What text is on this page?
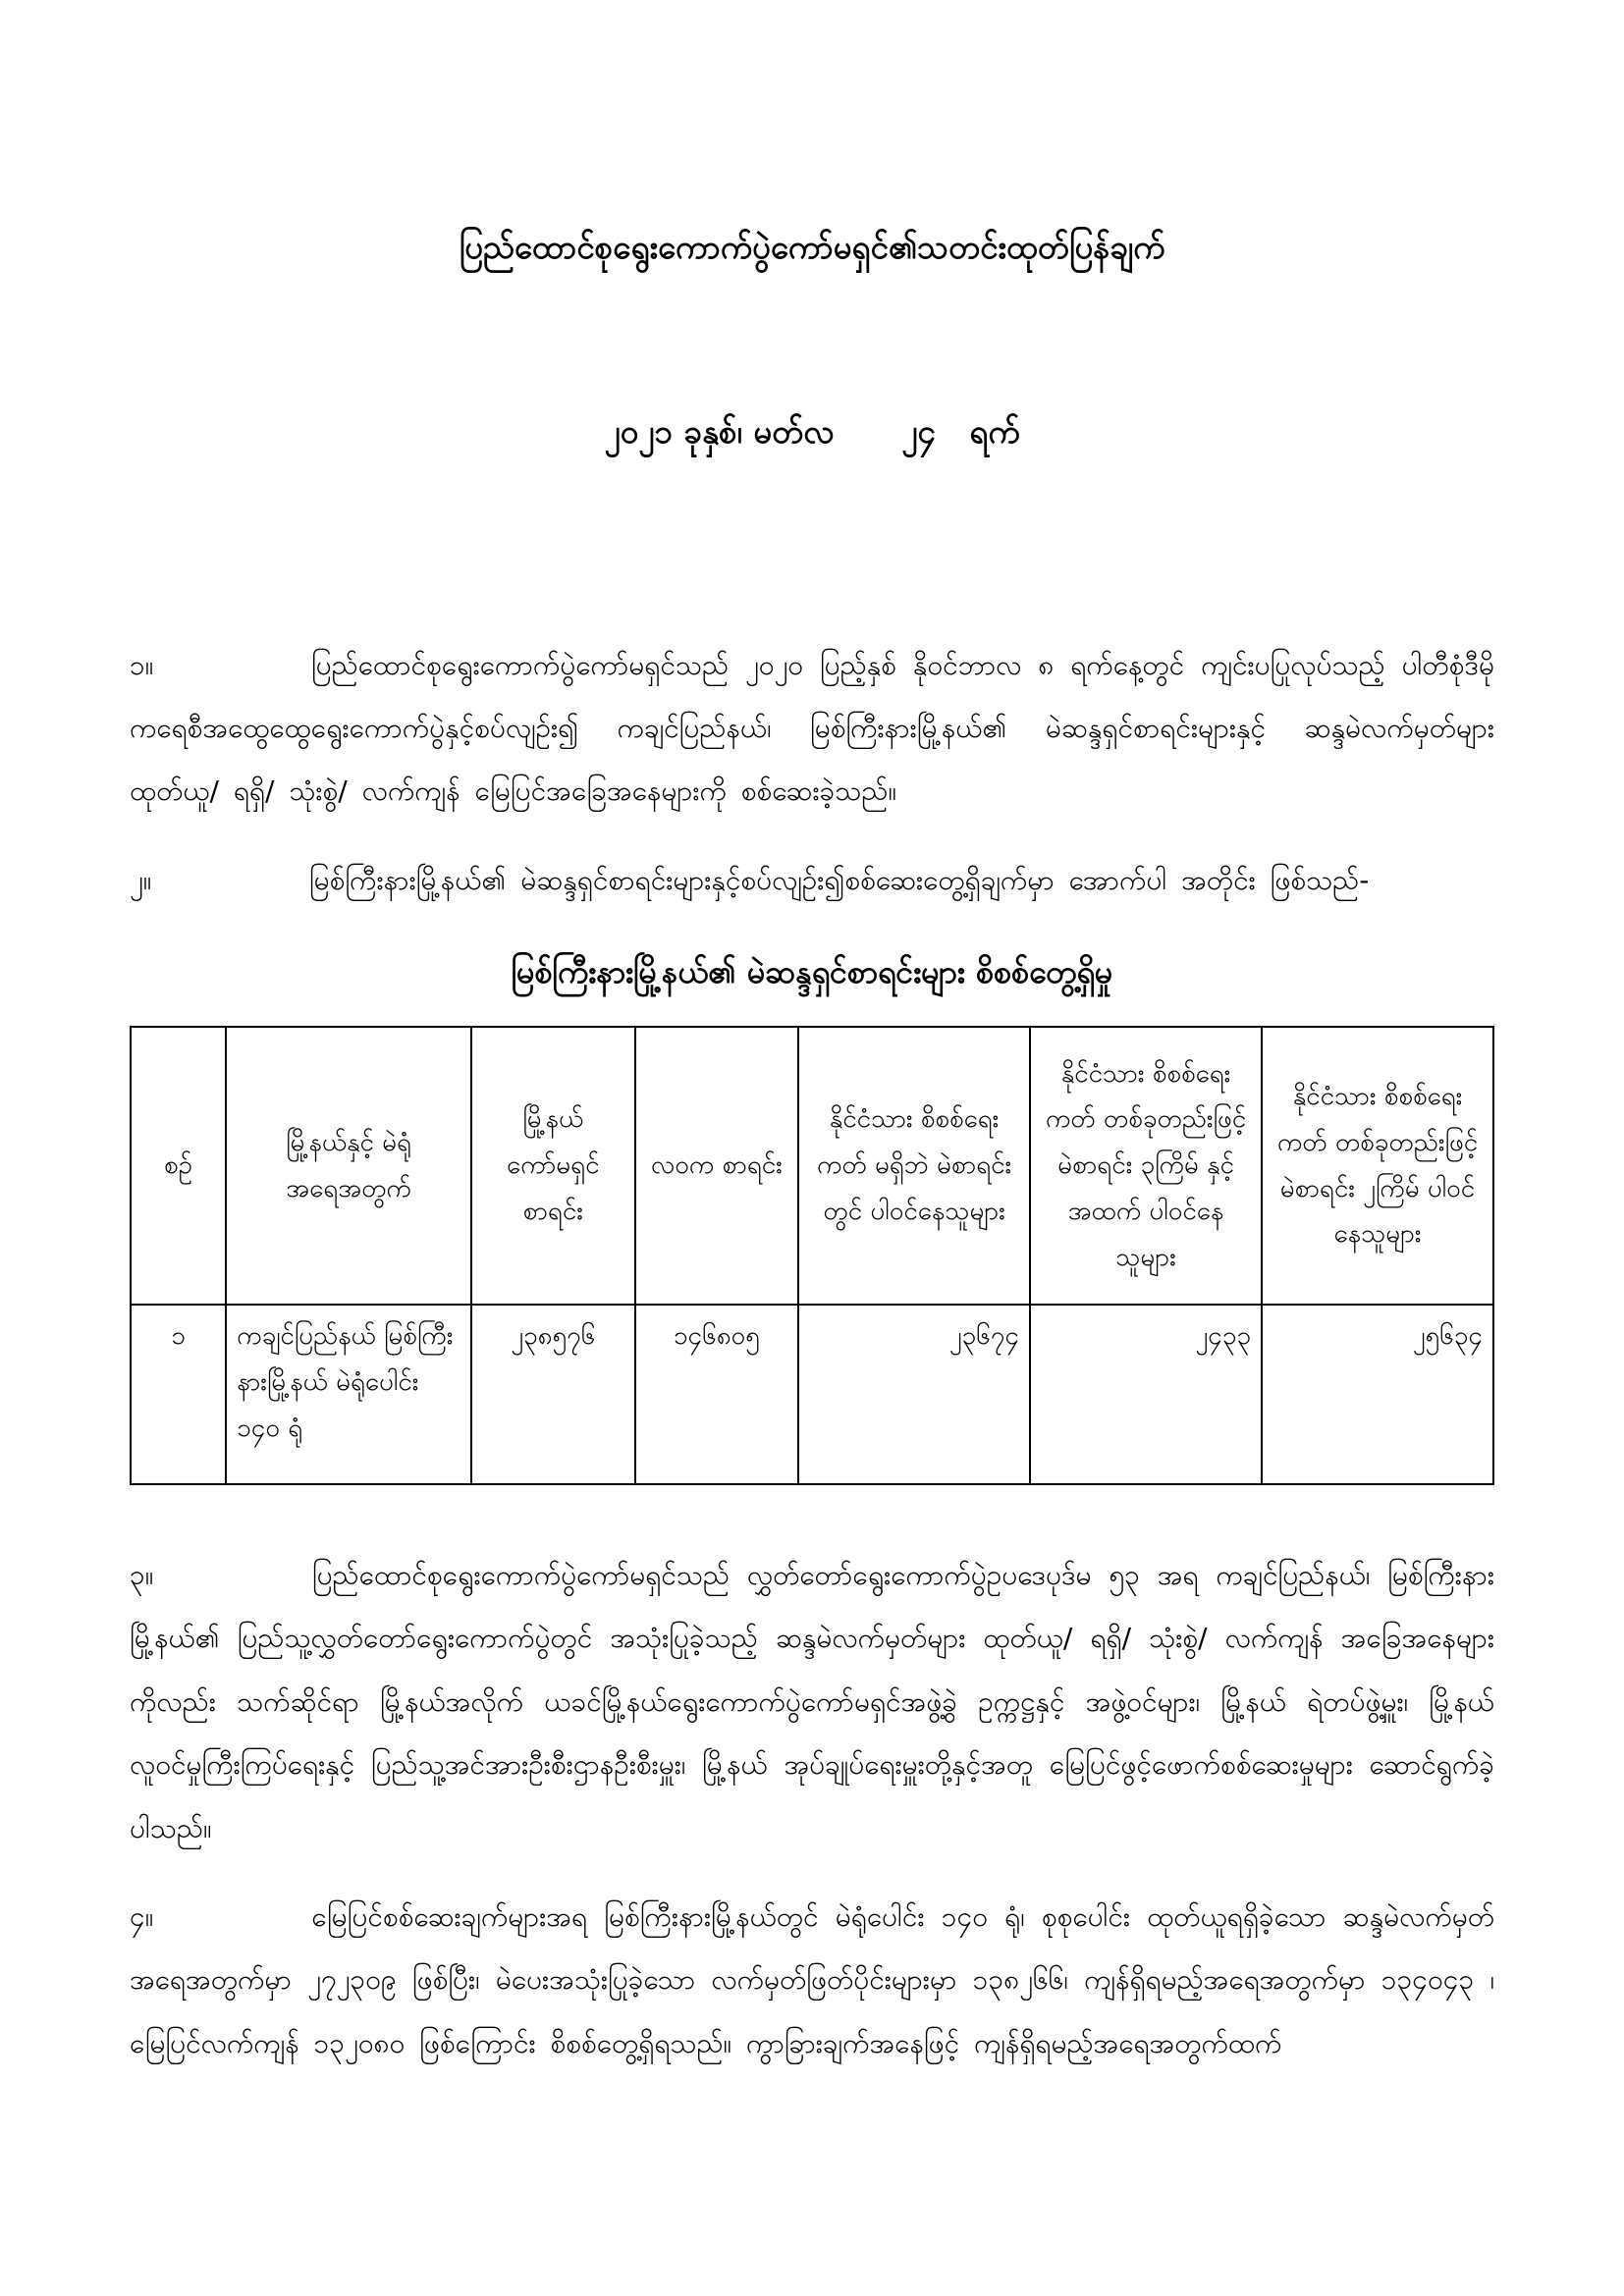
ပြည်ထောင်စုရွေးကောက်ပွဲကော်မရှင်၏သတင်းထုတ်ပြန်ချက်

၂၀၂၁ ခုနှစ်၊ မတ်လ      ၂၄   ရက်

၁။	ပြည်ထောင်စုရွေးကောက်ပွဲကော်မရှင်သည် ၂၀၂၀ ပြည့်နှစ် နိုဝင်ဘာလ ၈ ရက်နေ့တွင် ကျင်းပပြုလုပ်သည့် ပါတီစုံဒီမိုကရေစီအထွေထွေရွေးကောက်ပွဲနှင့်စပ်လျဉ်း၍ ကချင်ပြည်နယ်၊ မြစ်ကြီးနားမြို့နယ်၏ မဲဆန္ဒရှင်စာရင်းများနှင့် ဆန္ဒမဲလက်မှတ်များ ထုတ်ယူ/ ရရှိ/ သုံးစွဲ/ လက်ကျန် မြေပြင်အခြေအနေများကို စစ်ဆေးခဲ့သည်။

၂။	မြစ်ကြီးနားမြို့နယ်၏ မဲဆန္ဒရှင်စာရင်းများနှင့်စပ်လျဉ်း၍စစ်ဆေးတွေ့ရှိချက်မှာ အောက်ပါ အတိုင်း ဖြစ်သည်-

မြစ်ကြီးနားမြို့နယ်၏ မဲဆန္ဒရှင်စာရင်းများ စိစစ်တွေ့ရှိမှု
စဉ်	မြို့နယ်နှင့် မဲရုံအရေအတွက်	မြို့နယ် ကော်မရှင် စာရင်း	လဝက စာရင်း	နိုင်ငံသား စိစစ်ရေးကတ် မရှိဘဲ မဲစာရင်းတွင် ပါဝင်နေသူများ	နိုင်ငံသား စိစစ်ရေးကတ် တစ်ခုတည်းဖြင့် မဲစာရင်း ၃ကြိမ် နှင့် အထက် ပါဝင်နေသူများ	နိုင်ငံသား စိစစ်ရေးကတ် တစ်ခုတည်းဖြင့် မဲစာရင်း ၂ကြိမ် ပါဝင်နေသူများ
၁	ကချင်ပြည်နယ် မြစ်ကြီးနားမြို့နယ် မဲရုံပေါင်း ၁၄၀ ရုံ	၂၃၈၅၇၆	၁၄၆၈၀၅	၂၃၆၇၄	၂၄၃၃	၂၅၆၃၄

၃။	ပြည်ထောင်စုရွေးကောက်ပွဲကော်မရှင်သည် လွှတ်တော်ရွေးကောက်ပွဲဥပဒေပုဒ်မ ၅၃ အရ ကချင်ပြည်နယ်၊ မြစ်ကြီးနားမြို့နယ်၏ ပြည်သူ့လွှတ်တော်ရွေးကောက်ပွဲတွင် အသုံးပြုခဲ့သည့် ဆန္ဒမဲလက်မှတ်များ ထုတ်ယူ/ ရရှိ/ သုံးစွဲ/ လက်ကျန် အခြေအနေများကိုလည်း သက်ဆိုင်ရာ မြို့နယ်အလိုက် ယခင်မြို့နယ်ရွေးကောက်ပွဲကော်မရှင်အဖွဲ့ခွဲ ဥက္ကဋ္ဌနှင့် အဖွဲ့ဝင်များ၊ မြို့နယ် ရဲတပ်ဖွဲ့မှူး၊ မြို့နယ်လူဝင်မှုကြီးကြပ်ရေးနှင့် ပြည်သူ့အင်အားဦးစီးဌာနဦးစီးမှူး၊ မြို့နယ် အုပ်ချုပ်ရေးမှူးတို့နှင့်အတူ မြေပြင်ဖွင့်ဖောက်စစ်ဆေးမှုများ ဆောင်ရွက်ခဲ့ပါသည်။

၄။	မြေပြင်စစ်ဆေးချက်များအရ မြစ်ကြီးနားမြို့နယ်တွင် မဲရုံပေါင်း ၁၄၀ ရုံ၊ စုစုပေါင်း ထုတ်ယူရရှိခဲ့သော ဆန္ဒမဲလက်မှတ်အရေအတွက်မှာ ၂၇၂၃၀၉ ဖြစ်ပြီး၊ မဲပေးအသုံးပြုခဲ့သော လက်မှတ်ဖြတ်ပိုင်းများမှာ ၁၃၈၂၆၆၊ ကျန်ရှိရမည့်အရေအတွက်မှာ ၁၃၄၀၄၃ ၊ မြေပြင်လက်ကျန် ၁၃၂၀၈၀ ဖြစ်ကြောင်း စိစစ်တွေ့ရှိရသည်။ ကွာခြားချက်အနေဖြင့် ကျန်ရှိရမည့်အရေအတွက်ထက်
